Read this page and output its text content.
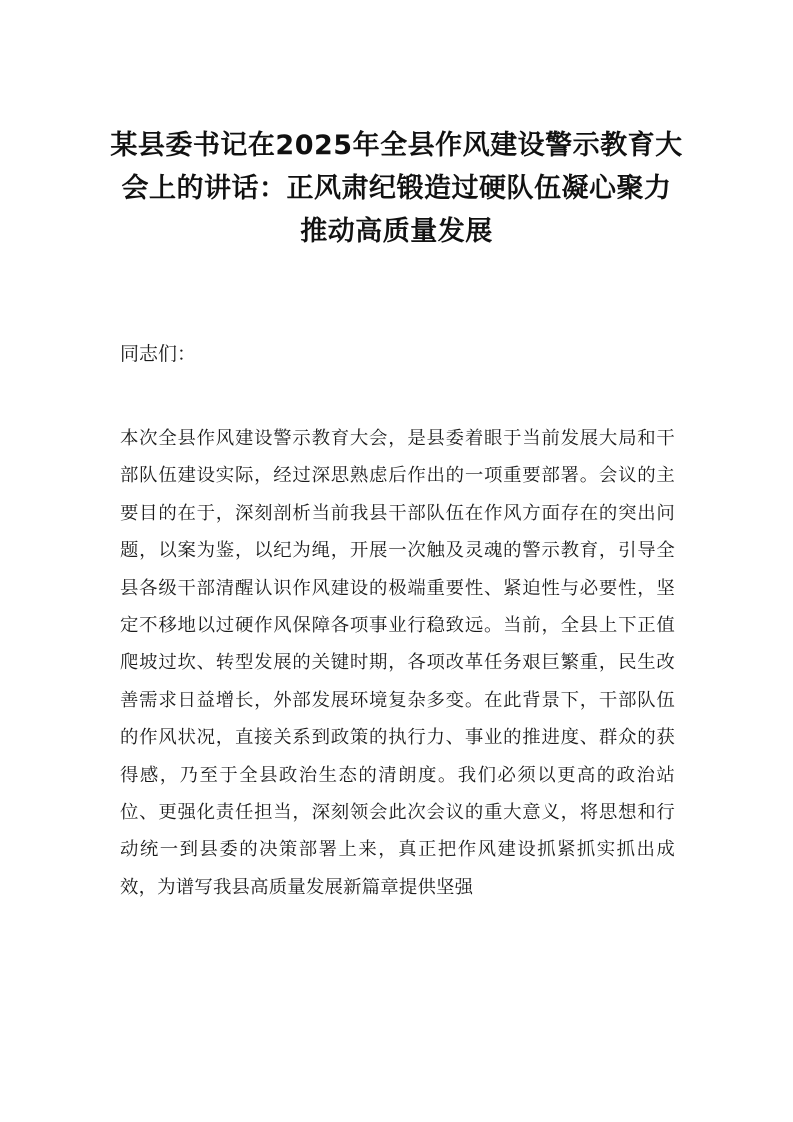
某县委书记在2025年全县作风建设警示教育大会上的讲话：正风肃纪锻造过硬队伍凝心聚力推动高质量发展

同志们：

本次全县作风建设警示教育大会，是县委着眼于当前发展大局和干部队伍建设实际，经过深思熟虑后作出的一项重要部署。会议的主要目的在于，深刻剖析当前我县干部队伍在作风方面存在的突出问题，以案为鉴，以纪为绳，开展一次触及灵魂的警示教育，引导全县各级干部清醒认识作风建设的极端重要性、紧迫性与必要性，坚定不移地以过硬作风保障各项事业行稳致远。当前，全县上下正值爬坡过坎、转型发展的关键时期，各项改革任务艰巨繁重，民生改善需求日益增长，外部发展环境复杂多变。在此背景下，干部队伍的作风状况，直接关系到政策的执行力、事业的推进度、群众的获得感，乃至于全县政治生态的清朗度。我们必须以更高的政治站位、更强化责任担当，深刻领会此次会议的重大意义，将思想和行动统一到县委的决策部署上来，真正把作风建设抓紧抓实抓出成效，为谱写我县高质量发展新篇章提供坚强
